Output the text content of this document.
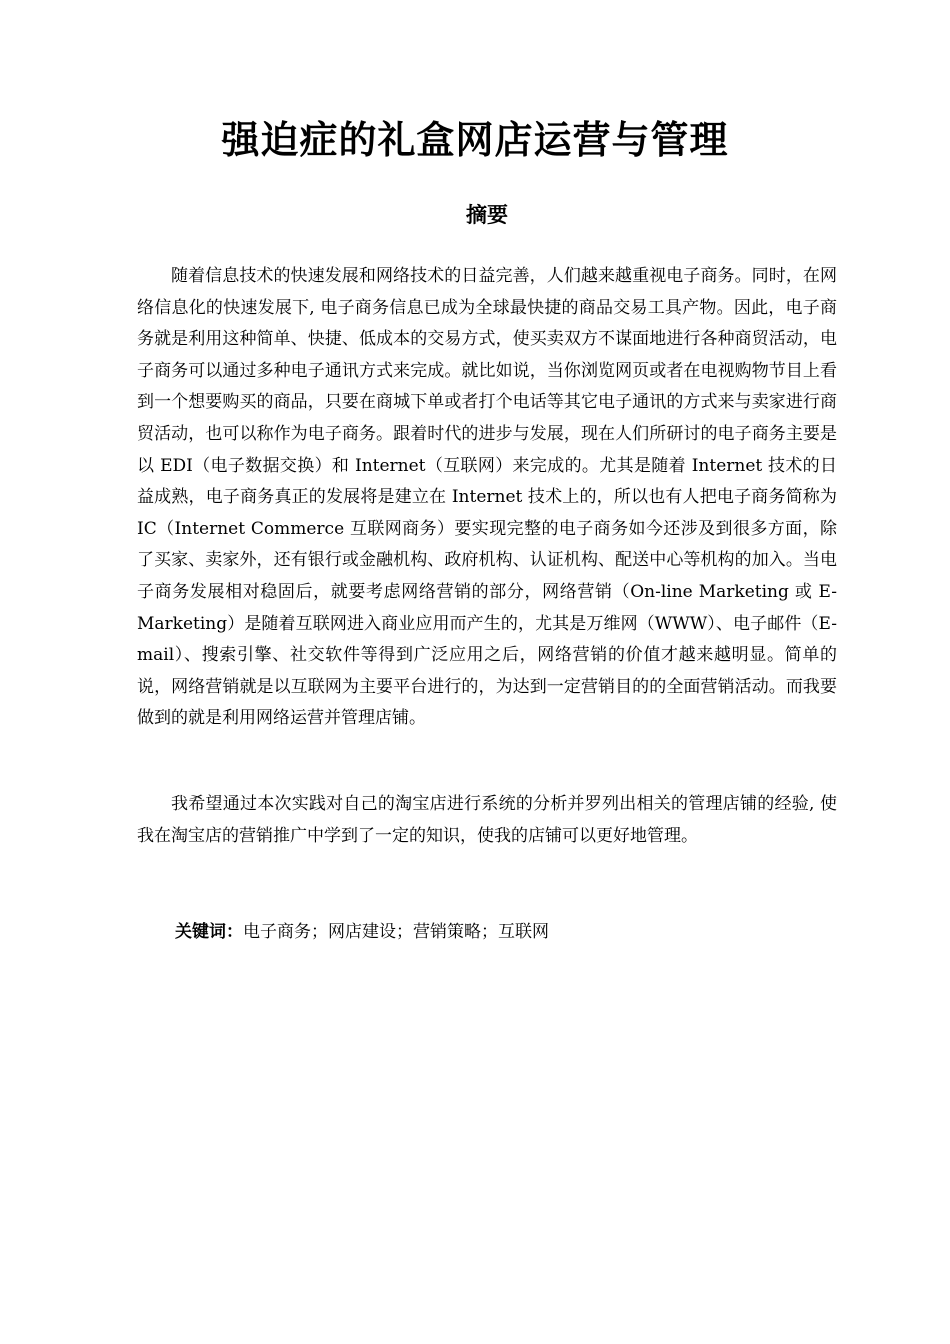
强迫症的礼盒网店运营与管理
摘要

随着信息技术的快速发展和网络技术的日益完善，人们越来越重视电子商务。同时，在网络信息化的快速发展下, 电子商务信息已成为全球最快捷的商品交易工具产物。因此，电子商务就是利用这种简单、快捷、低成本的交易方式，使买卖双方不谋面地进行各种商贸活动，电子商务可以通过多种电子通讯方式来完成。就比如说，当你浏览网页或者在电视购物节目上看到一个想要购买的商品，只要在商城下单或者打个电话等其它电子通讯的方式来与卖家进行商贸活动，也可以称作为电子商务。跟着时代的进步与发展，现在人们所研讨的电子商务主要是以 EDI（电子数据交换）和 Internet（互联网）来完成的。尤其是随着 Internet 技术的日益成熟，电子商务真正的发展将是建立在 Internet 技术上的，所以也有人把电子商务简称为 IC（Internet Commerce 互联网商务）要实现完整的电子商务如今还涉及到很多方面，除了买家、卖家外，还有银行或金融机构、政府机构、认证机构、配送中心等机构的加入。当电子商务发展相对稳固后，就要考虑网络营销的部分，网络营销（On-line Marketing 或 E-Marketing）是随着互联网进入商业应用而产生的，尤其是万维网（WWW）、电子邮件（E-mail）、搜索引擎、社交软件等得到广泛应用之后，网络营销的价值才越来越明显。简单的说，网络营销就是以互联网为主要平台进行的，为达到一定营销目的的全面营销活动。而我要做到的就是利用网络运营并管理店铺。

我希望通过本次实践对自己的淘宝店进行系统的分析并罗列出相关的管理店铺的经验, 使我在淘宝店的营销推广中学到了一定的知识，使我的店铺可以更好地管理。

关键词：电子商务；网店建设；营销策略；互联网
